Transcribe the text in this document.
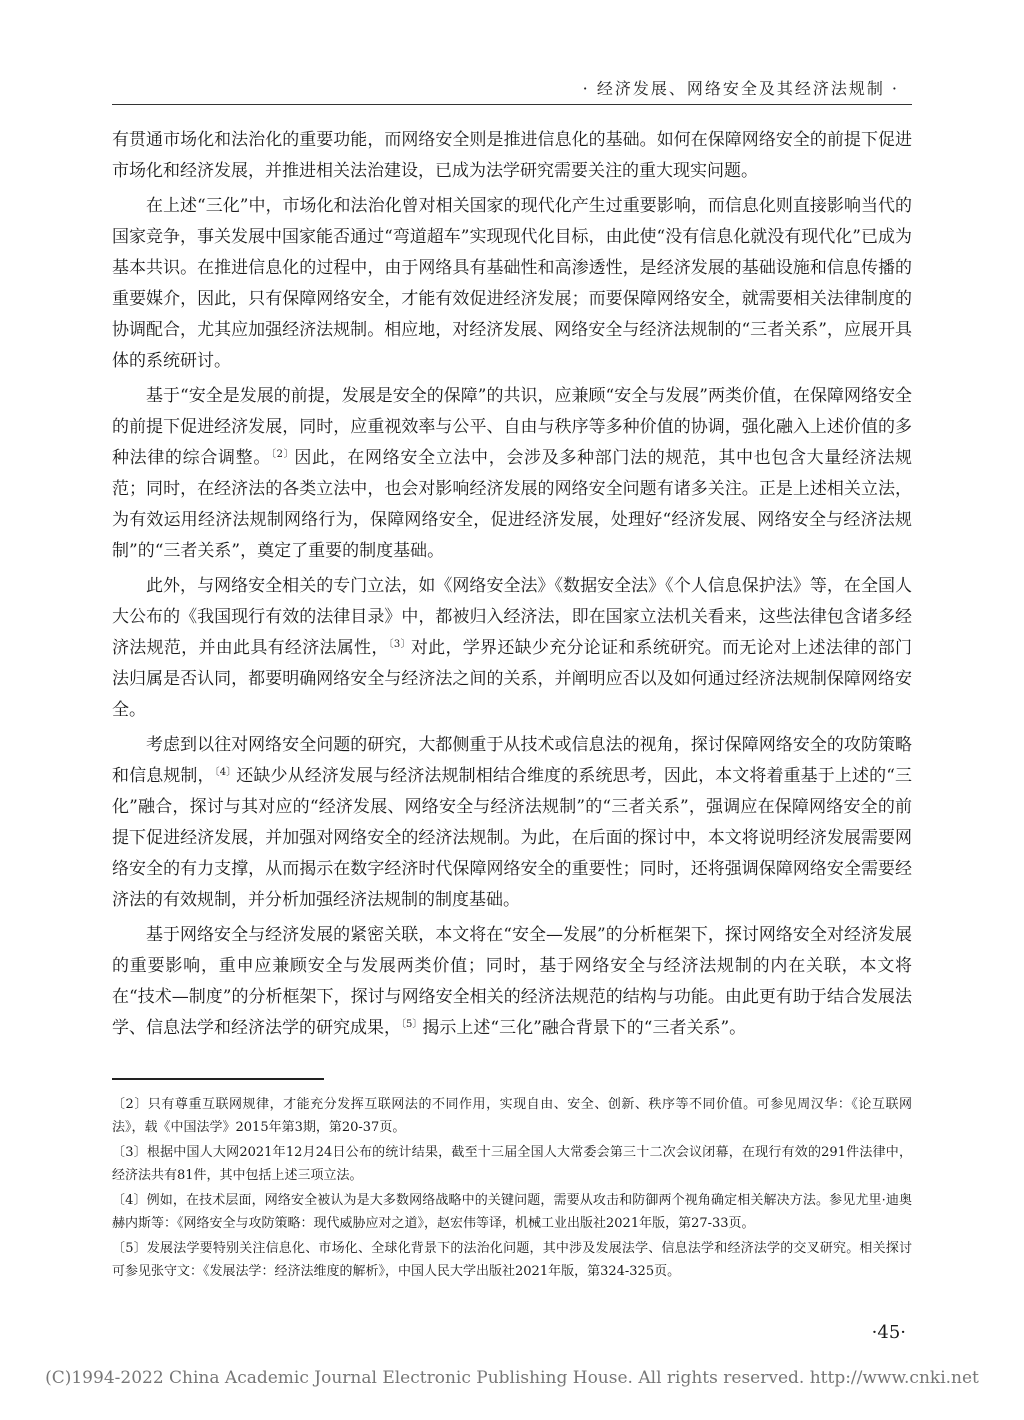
· 经济发展、网络安全及其经济法规制 ·

有贯通市场化和法治化的重要功能，而网络安全则是推进信息化的基础。如何在保障网络安全的前提下促进市场化和经济发展，并推进相关法治建设，已成为法学研究需要关注的重大现实问题。

在上述“三化”中，市场化和法治化曾对相关国家的现代化产生过重要影响，而信息化则直接影响当代的国家竞争，事关发展中国家能否通过“弯道超车”实现现代化目标，由此使“没有信息化就没有现代化”已成为基本共识。在推进信息化的过程中，由于网络具有基础性和高渗透性，是经济发展的基础设施和信息传播的重要媒介，因此，只有保障网络安全，才能有效促进经济发展；而要保障网络安全，就需要相关法律制度的协调配合，尤其应加强经济法规制。相应地，对经济发展、网络安全与经济法规制的“三者关系”，应展开具体的系统研讨。

基于“安全是发展的前提，发展是安全的保障”的共识，应兼顾“安全与发展”两类价值，在保障网络安全的前提下促进经济发展，同时，应重视效率与公平、自由与秩序等多种价值的协调，强化融入上述价值的多种法律的综合调整。$^{〔2〕}$因此，在网络安全立法中，会涉及多种部门法的规范，其中也包含大量经济法规范；同时，在经济法的各类立法中，也会对影响经济发展的网络安全问题有诸多关注。正是上述相关立法，为有效运用经济法规制网络行为，保障网络安全，促进经济发展，处理好“经济发展、网络安全与经济法规制”的“三者关系”，奠定了重要的制度基础。

此外，与网络安全相关的专门立法，如《网络安全法》《数据安全法》《个人信息保护法》等，在全国人大公布的《我国现行有效的法律目录》中，都被归入经济法，即在国家立法机关看来，这些法律包含诸多经济法规范，并由此具有经济法属性，$^{〔3〕}$对此，学界还缺少充分论证和系统研究。而无论对上述法律的部门法归属是否认同，都要明确网络安全与经济法之间的关系，并阐明应否以及如何通过经济法规制保障网络安全。

考虑到以往对网络安全问题的研究，大都侧重于从技术或信息法的视角，探讨保障网络安全的攻防策略和信息规制，$^{〔4〕}$还缺少从经济发展与经济法规制相结合维度的系统思考，因此，本文将着重基于上述的“三化”融合，探讨与其对应的“经济发展、网络安全与经济法规制”的“三者关系”，强调应在保障网络安全的前提下促进经济发展，并加强对网络安全的经济法规制。为此，在后面的探讨中，本文将说明经济发展需要网络安全的有力支撑，从而揭示在数字经济时代保障网络安全的重要性；同时，还将强调保障网络安全需要经济法的有效规制，并分析加强经济法规制的制度基础。

基于网络安全与经济发展的紧密关联，本文将在“安全—发展”的分析框架下，探讨网络安全对经济发展的重要影响，重申应兼顾安全与发展两类价值；同时，基于网络安全与经济法规制的内在关联，本文将在“技术—制度”的分析框架下，探讨与网络安全相关的经济法规范的结构与功能。由此更有助于结合发展法学、信息法学和经济法学的研究成果，$^{〔5〕}$揭示上述“三化”融合背景下的“三者关系”。

〔2〕只有尊重互联网规律，才能充分发挥互联网法的不同作用，实现自由、安全、创新、秩序等不同价值。可参见周汉华：《论互联网法》，载《中国法学》2015年第3期，第20-37页。

〔3〕根据中国人大网2021年12月24日公布的统计结果，截至十三届全国人大常委会第三十二次会议闭幕，在现行有效的291件法律中，经济法共有81件，其中包括上述三项立法。

〔4〕例如，在技术层面，网络安全被认为是大多数网络战略中的关键问题，需要从攻击和防御两个视角确定相关解决方法。参见尤里·迪奥赫内斯等：《网络安全与攻防策略：现代威胁应对之道》，赵宏伟等译，机械工业出版社2021年版，第27-33页。

〔5〕发展法学要特别关注信息化、市场化、全球化背景下的法治化问题，其中涉及发展法学、信息法学和经济法学的交叉研究。相关探讨可参见张守文：《发展法学：经济法维度的解析》，中国人民大学出版社2021年版，第324-325页。

·45·
(C)1994-2022 China Academic Journal Electronic Publishing House. All rights reserved. http://www.cnki.net
